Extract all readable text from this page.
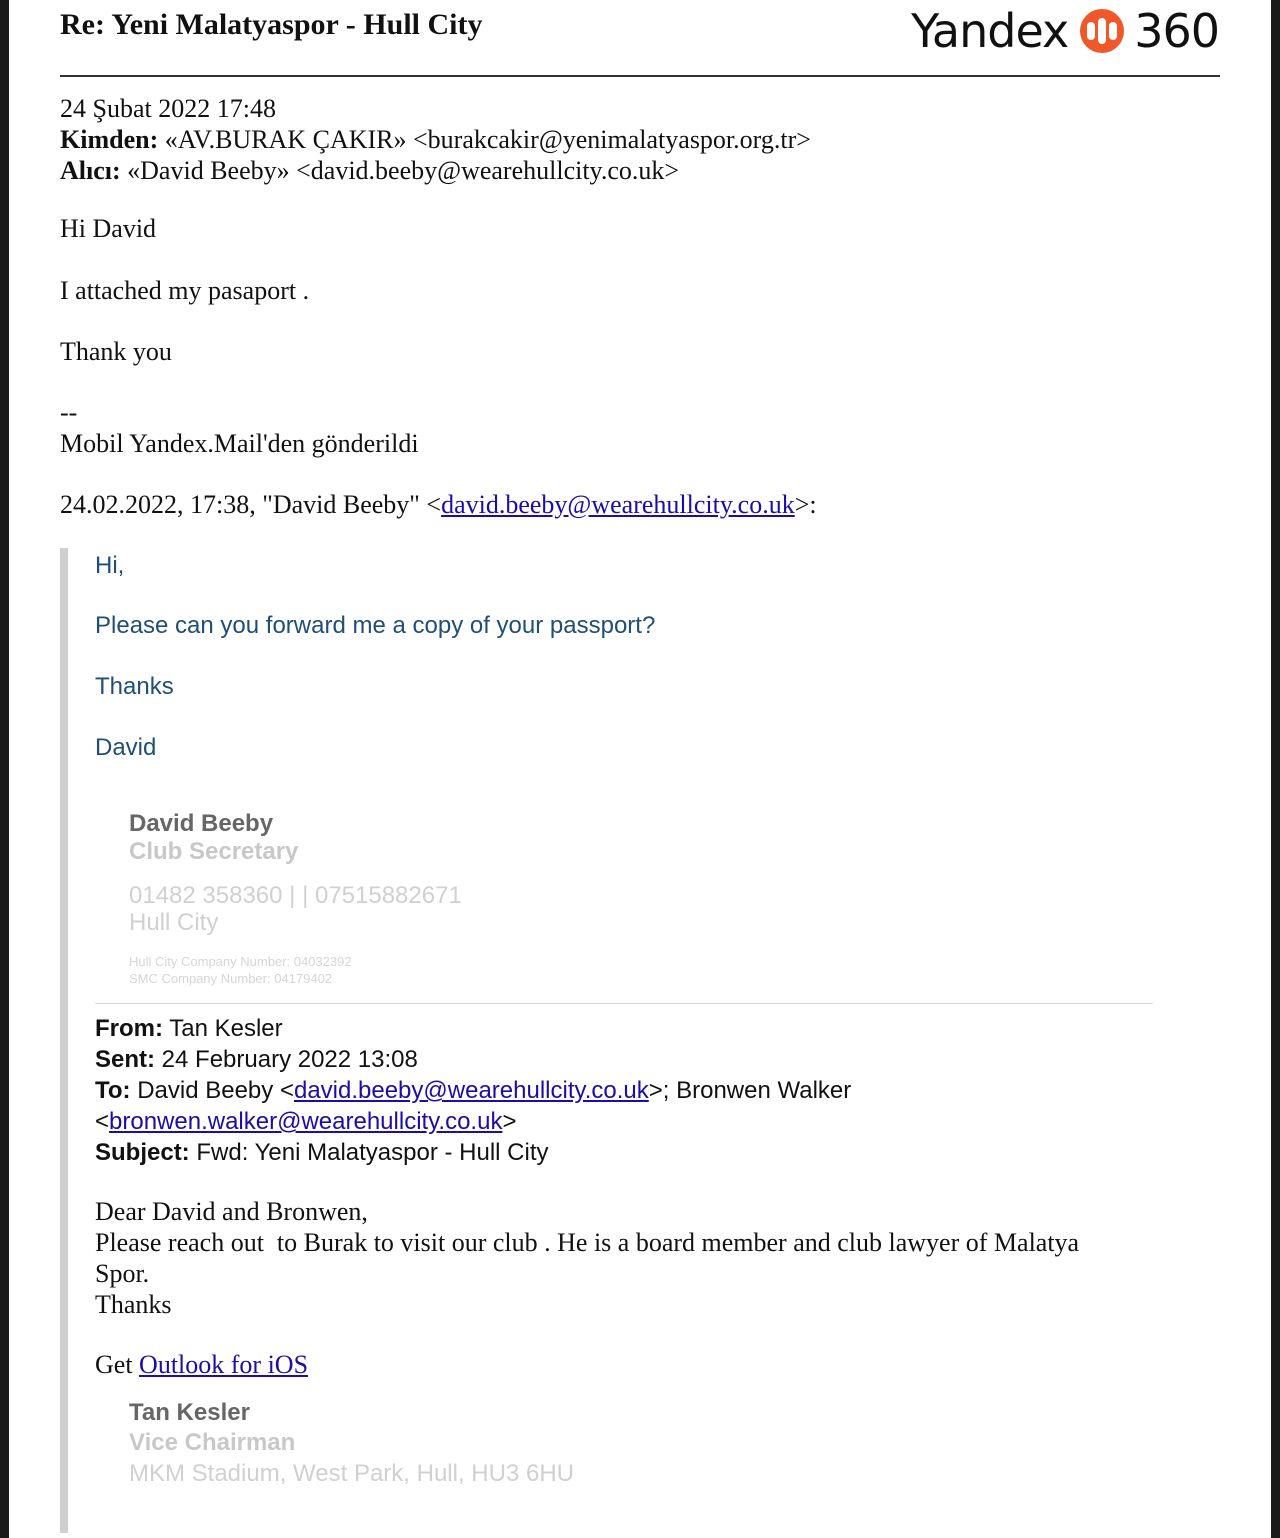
Re: Yeni Malatyaspor - Hull City	Yandex 360
24 Şubat 2022 17:48
Kimden: «AV.BURAK ÇAKIR» <burakcakir@yenimalatyaspor.org.tr>
Alıcı: «David Beeby» <david.beeby@wearehullcity.co.uk>
Hi David
I attached my pasaport .
Thank you
--
Mobil Yandex.Mail'den gönderildi
24.02.2022, 17:38, "David Beeby" <david.beeby@wearehullcity.co.uk>:
Hi,
Please can you forward me a copy of your passport?
Thanks
David
David Beeby
Club Secretary
01482 358360 | | 07515882671
Hull City
Hull City Company Number: 04032392
SMC Company Number: 04179402
From: Tan Kesler
Sent: 24 February 2022 13:08
To: David Beeby <david.beeby@wearehullcity.co.uk>; Bronwen Walker
<bronwen.walker@wearehullcity.co.uk>
Subject: Fwd: Yeni Malatyaspor - Hull City
Dear David and Bronwen,
Please reach out  to Burak to visit our club . He is a board member and club lawyer of Malatya
Spor.
Thanks
Get Outlook for iOS
Tan Kesler
Vice Chairman
MKM Stadium, West Park, Hull, HU3 6HU
